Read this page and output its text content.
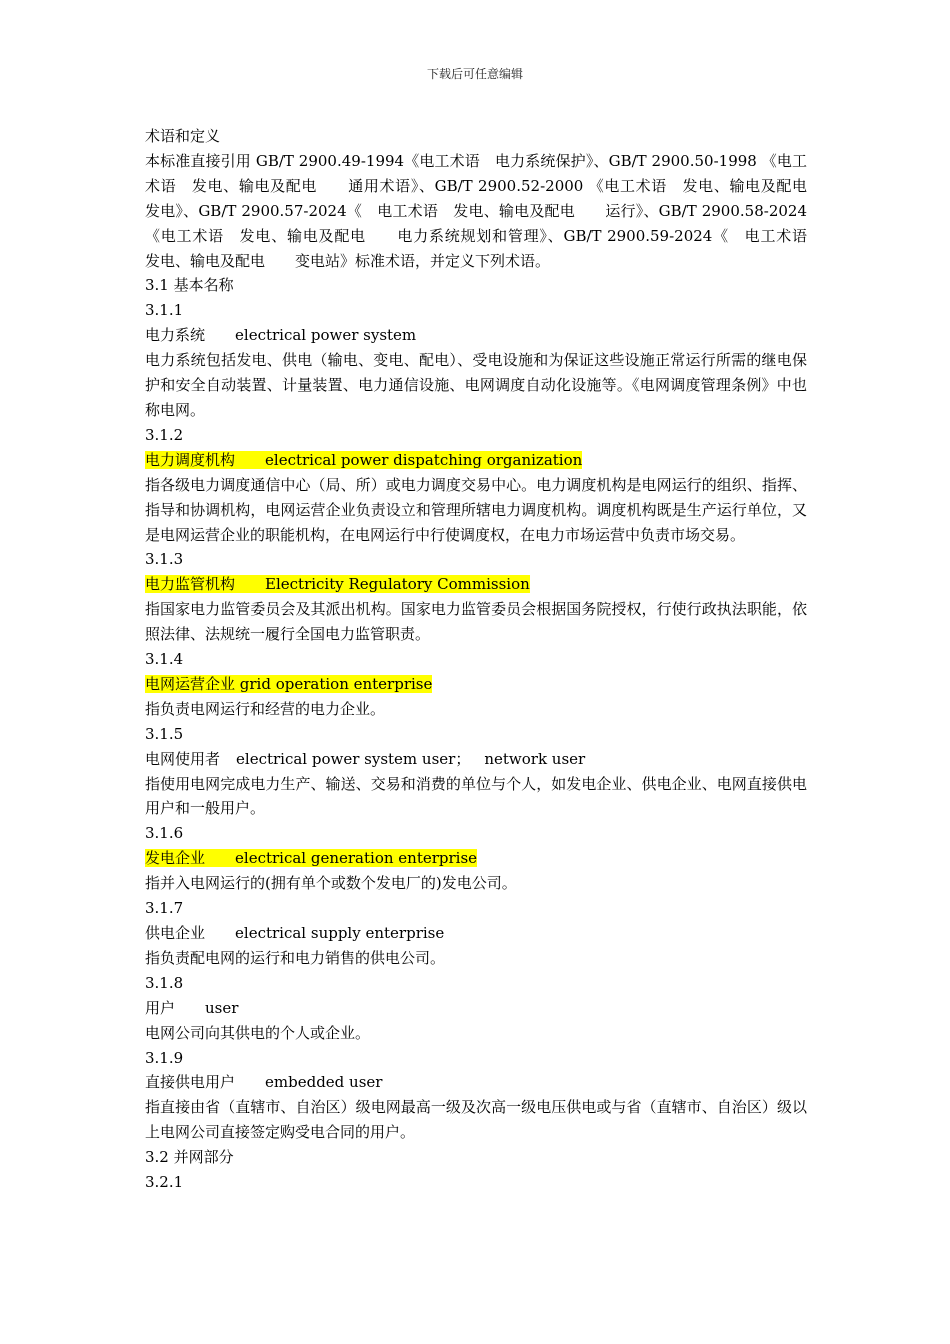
下载后可任意编辑

术语和定义

本标准直接引用 GB/T 2900.49-1994《电工术语　电力系统保护》、GB/T 2900.50-1998 《电工术语　发电、输电及配电　　通用术语》、GB/T 2900.52-2000 《电工术语　发电、输电及配电　发电》、GB/T 2900.57-2024《　电工术语　发电、输电及配电　　运行》、GB/T 2900.58-2024 《电工术语　发电、输电及配电　　电力系统规划和管理》、GB/T 2900.59-2024《　电工术语　发电、输电及配电　　变电站》标准术语，并定义下列术语。

3.1 基本名称

3.1.1

电力系统 electrical power system

电力系统包括发电、供电（输电、变电、配电）、受电设施和为保证这些设施正常运行所需的继电保护和安全自动装置、计量装置、电力通信设施、电网调度自动化设施等。《电网调度管理条例》中也称电网。

3.1.2

电力调度机构 electrical power dispatching organization

指各级电力调度通信中心（局、所）或电力调度交易中心。电力调度机构是电网运行的组织、指挥、指导和协调机构，电网运营企业负责设立和管理所辖电力调度机构。调度机构既是生产运行单位，又是电网运营企业的职能机构，在电网运行中行使调度权，在电力市场运营中负责市场交易。

3.1.3

电力监管机构 Electricity Regulatory Commission

指国家电力监管委员会及其派出机构。国家电力监管委员会根据国务院授权，行使行政执法职能，依照法律、法规统一履行全国电力监管职责。

3.1.4

电网运营企业 grid operation enterprise

指负责电网运行和经营的电力企业。

3.1.5

电网使用者 electrical power system user； network user

指使用电网完成电力生产、输送、交易和消费的单位与个人，如发电企业、供电企业、电网直接供电用户和一般用户。

3.1.6

发电企业 electrical generation enterprise

指并入电网运行的(拥有单个或数个发电厂的)发电公司。

3.1.7

供电企业 electrical supply enterprise

指负责配电网的运行和电力销售的供电公司。

3.1.8

用户 user

电网公司向其供电的个人或企业。

3.1.9

直接供电用户 embedded user

指直接由省（直辖市、自治区）级电网最高一级及次高一级电压供电或与省（直辖市、自治区）级以上电网公司直接签定购受电合同的用户。

3.2 并网部分

3.2.1
